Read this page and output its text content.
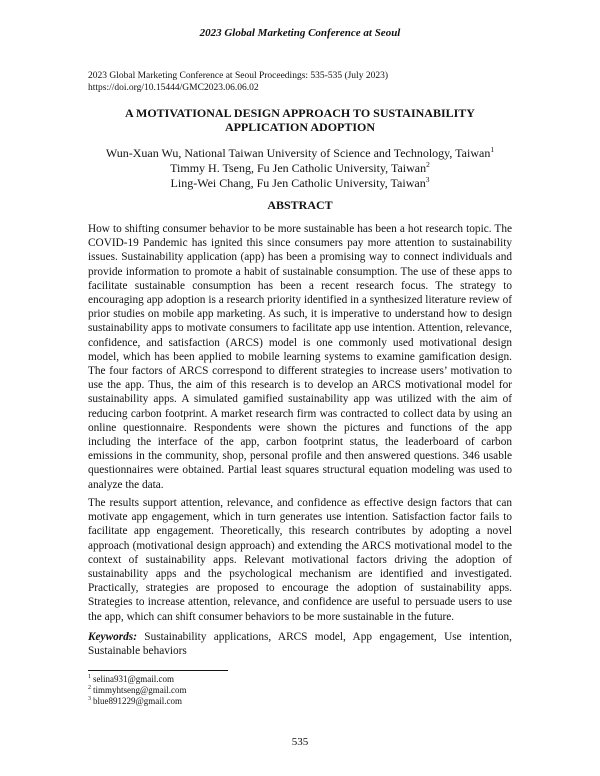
2023 Global Marketing Conference at Seoul
2023 Global Marketing Conference at Seoul Proceedings: 535-535 (July 2023)
https://doi.org/10.15444/GMC2023.06.06.02
A MOTIVATIONAL DESIGN APPROACH TO SUSTAINABILITY
APPLICATION ADOPTION
Wun-Xuan Wu, National Taiwan University of Science and Technology, Taiwan$^1$
Timmy H. Tseng, Fu Jen Catholic University, Taiwan$^2$
Ling-Wei Chang, Fu Jen Catholic University, Taiwan$^3$
ABSTRACT

How to shifting consumer behavior to be more sustainable has been a hot research topic. The COVID-19 Pandemic has ignited this since consumers pay more attention to sustainability issues. Sustainability application (app) has been a promising way to connect individuals and provide information to promote a habit of sustainable consumption. The use of these apps to facilitate sustainable consumption has been a recent research focus. The strategy to encouraging app adoption is a research priority identified in a synthesized literature review of prior studies on mobile app marketing. As such, it is imperative to understand how to design sustainability apps to motivate consumers to facilitate app use intention. Attention, relevance, confidence, and satisfaction (ARCS) model is one commonly used motivational design model, which has been applied to mobile learning systems to examine gamification design. The four factors of ARCS correspond to different strategies to increase users’ motivation to use the app. Thus, the aim of this research is to develop an ARCS motivational model for sustainability apps. A simulated gamified sustainability app was utilized with the aim of reducing carbon footprint. A market research firm was contracted to collect data by using an online questionnaire. Respondents were shown the pictures and functions of the app including the interface of the app, carbon footprint status, the leaderboard of carbon emissions in the community, shop, personal profile and then answered questions. 346 usable questionnaires were obtained. Partial least squares structural equation modeling was used to analyze the data.

The results support attention, relevance, and confidence as effective design factors that can motivate app engagement, which in turn generates use intention. Satisfaction factor fails to facilitate app engagement. Theoretically, this research contributes by adopting a novel approach (motivational design approach) and extending the ARCS motivational model to the context of sustainability apps. Relevant motivational factors driving the adoption of sustainability apps and the psychological mechanism are identified and investigated. Practically, strategies are proposed to encourage the adoption of sustainability apps. Strategies to increase attention, relevance, and confidence are useful to persuade users to use the app, which can shift consumer behaviors to be more sustainable in the future.

Keywords: Sustainability applications, ARCS model, App engagement, Use intention, Sustainable behaviors

$^1$ selina931@gmail.com
$^2$ timmyhtseng@gmail.com
$^3$ blue891229@gmail.com
535
